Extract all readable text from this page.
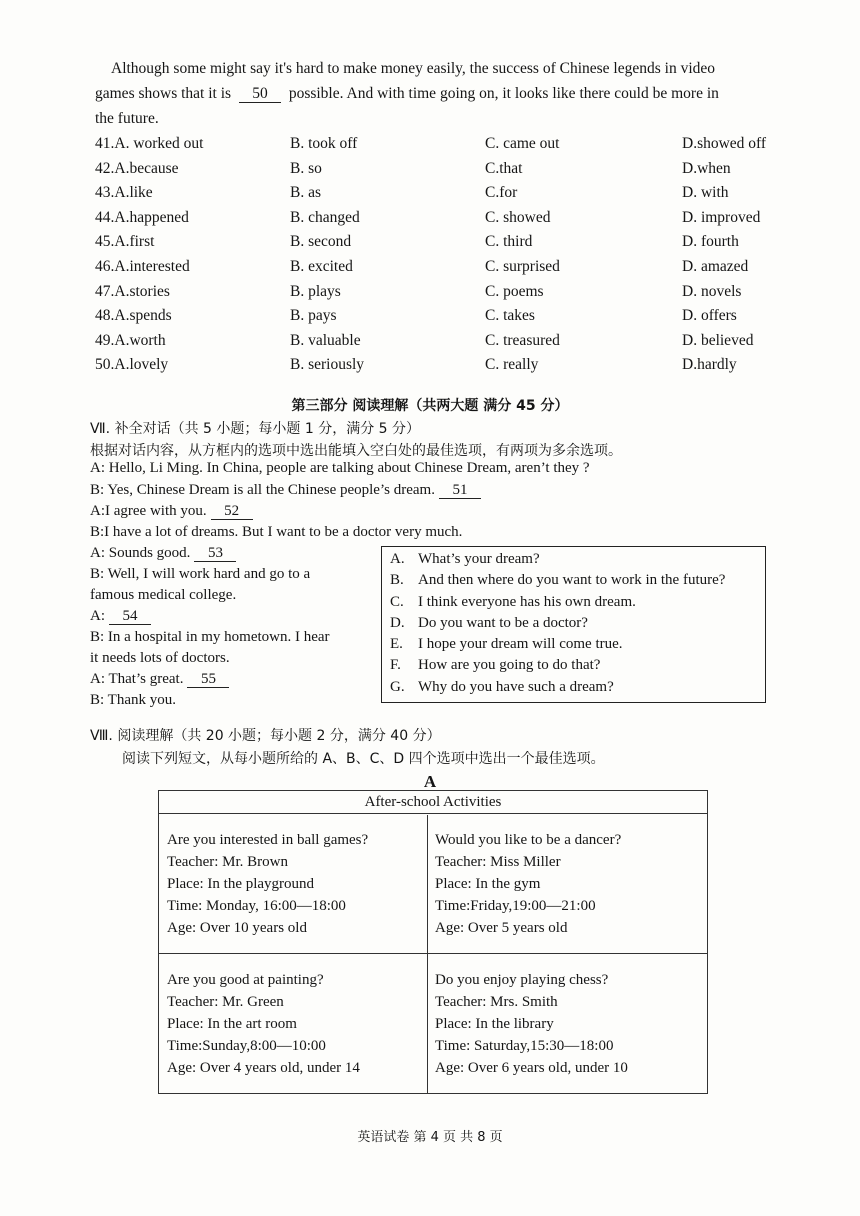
Although some might say it's hard to make money easily, the success of Chinese legends in video
games shows that it is 50 possible. And with time going on, it looks like there could be more in
the future.
41.A. worked out	B. took off	C. came out	D.showed off
42.A.because	B. so	C.that	D.when
43.A.like	B. as	C.for	D. with
44.A.happened	B. changed	C. showed	D. improved
45.A.first	B. second	C. third	D. fourth
46.A.interested	B. excited	C. surprised	D. amazed
47.A.stories	B. plays	C. poems	D. novels
48.A.spends	B. pays	C. takes	D. offers
49.A.worth	B. valuable	C. treasured	D. believed
50.A.lovely	B. seriously	C. really	D.hardly
第三部分 阅读理解（共两大题 满分 45 分）
Ⅶ. 补全对话（共 5 小题；每小题 1 分，满分 5 分）
根据对话内容，从方框内的选项中选出能填入空白处的最佳选项，有两项为多余选项。
A: Hello, Li Ming. In China, people are talking about Chinese Dream, aren’t they ?
B: Yes, Chinese Dream is all the Chinese people’s dream. 51
A:I agree with you. 52
B:I have a lot of dreams. But I want to be a doctor very much.
A: Sounds good. 53
B: Well, I will work hard and go to a
famous medical college.
A: 54
B: In a hospital in my hometown. I hear
it needs lots of doctors.
A: That’s great. 55
B: Thank you.
A. What’s your dream?
B. And then where do you want to work in the future?
C. I think everyone has his own dream.
D. Do you want to be a doctor?
E. I hope your dream will come true.
F. How are you going to do that?
G. Why do you have such a dream?
Ⅷ. 阅读理解（共 20 小题；每小题 2 分，满分 40 分）
阅读下列短文，从每小题所给的 A、B、C、D 四个选项中选出一个最佳选项。
A
After-school Activities
Are you interested in ball games?
Teacher: Mr. Brown
Place: In the playground
Time: Monday, 16:00—18:00
Age: Over 10 years old
Would you like to be a dancer?
Teacher: Miss Miller
Place: In the gym
Time:Friday,19:00—21:00
Age: Over 5 years old
Are you good at painting?
Teacher: Mr. Green
Place: In the art room
Time:Sunday,8:00—10:00
Age: Over 4 years old, under 14
Do you enjoy playing chess?
Teacher: Mrs. Smith
Place: In the library
Time: Saturday,15:30—18:00
Age: Over 6 years old, under 10
英语试卷 第 4 页 共 8 页
